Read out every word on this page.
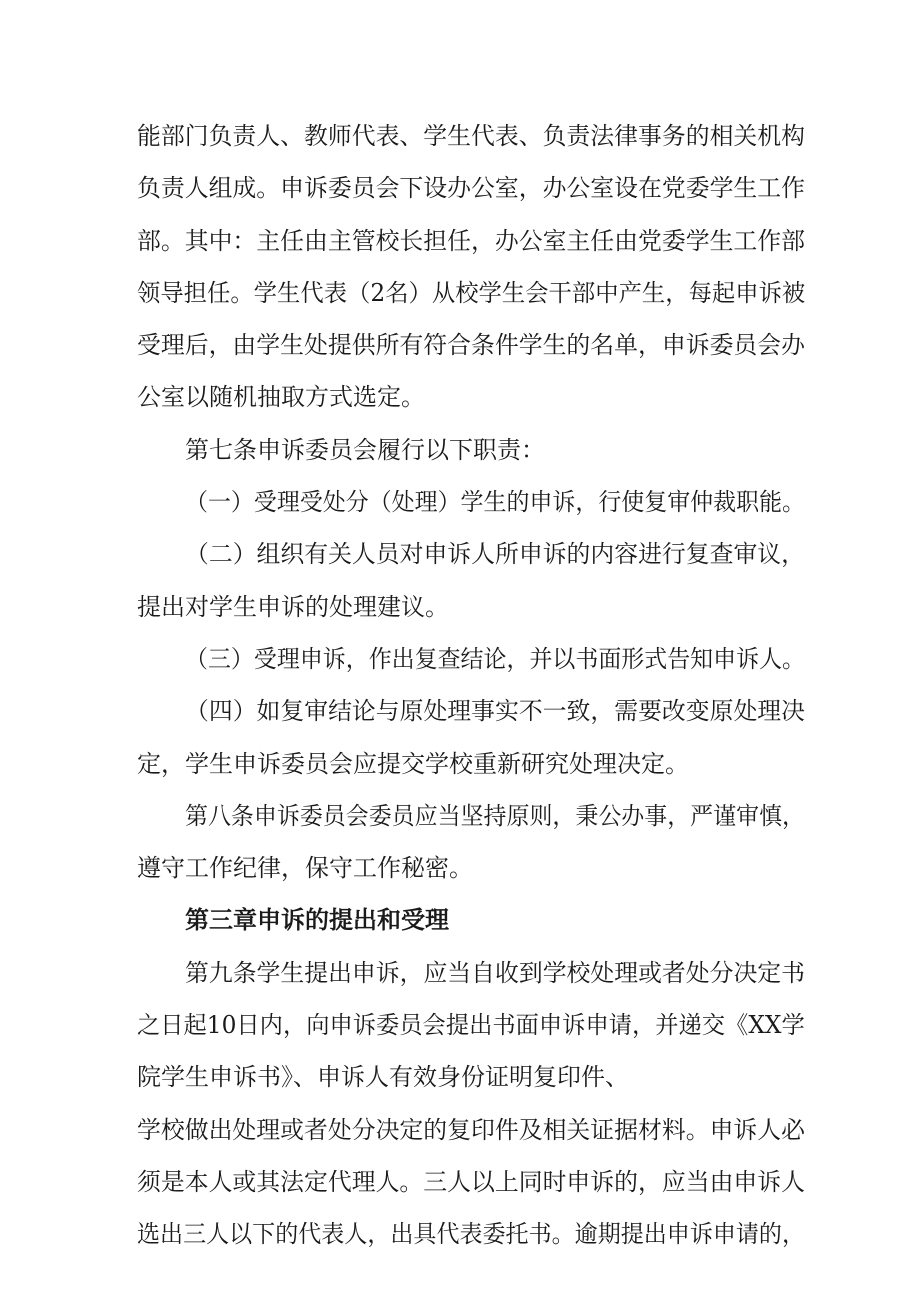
能部门负责人、教师代表、学生代表、负责法律事务的相关机构
负责人组成。申诉委员会下设办公室，办公室设在党委学生工作
部。其中：主任由主管校长担任，办公室主任由党委学生工作部
领导担任。学生代表（2名）从校学生会干部中产生，每起申诉被
受理后，由学生处提供所有符合条件学生的名单，申诉委员会办
公室以随机抽取方式选定。
第七条申诉委员会履行以下职责：
（一）受理受处分（处理）学生的申诉，行使复审仲裁职能。
（二）组织有关人员对申诉人所申诉的内容进行复查审议，
提出对学生申诉的处理建议。
（三）受理申诉，作出复查结论，并以书面形式告知申诉人。
（四）如复审结论与原处理事实不一致，需要改变原处理决
定，学生申诉委员会应提交学校重新研究处理决定。
第八条申诉委员会委员应当坚持原则，秉公办事，严谨审慎，
遵守工作纪律，保守工作秘密。
第三章申诉的提出和受理
第九条学生提出申诉，应当自收到学校处理或者处分决定书
之日起10日内，向申诉委员会提出书面申诉申请，并递交《XX学
院学生申诉书》、申诉人有效身份证明复印件、
学校做出处理或者处分决定的复印件及相关证据材料。申诉人必
须是本人或其法定代理人。三人以上同时申诉的，应当由申诉人
选出三人以下的代表人，出具代表委托书。逾期提出申诉申请的，
